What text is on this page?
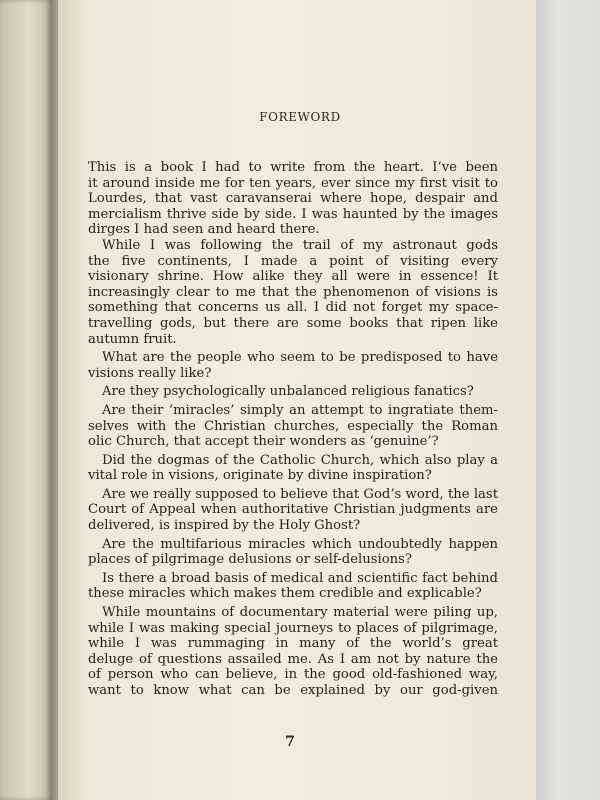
FOREWORD
This is a book I had to write from the heart. I’ve been
it around inside me for ten years, ever since my first visit to
Lourdes, that vast caravanserai where hope, despair and
mercialism thrive side by side. I was haunted by the images
dirges I had seen and heard there.
While I was following the trail of my astronaut gods
the five continents, I made a point of visiting every
visionary shrine. How alike they all were in essence! It
increasingly clear to me that the phenomenon of visions is
something that concerns us all. I did not forget my space-
travelling gods, but there are some books that ripen like
autumn fruit.
What are the people who seem to be predisposed to have
visions really like?
Are they psychologically unbalanced religious fanatics?
Are their ‘miracles’ simply an attempt to ingratiate them-
selves with the Christian churches, especially the Roman
olic Church, that accept their wonders as ‘genuine’?
Did the dogmas of the Catholic Church, which also play a
vital role in visions, originate by divine inspiration?
Are we really supposed to believe that God’s word, the last
Court of Appeal when authoritative Christian judgments are
delivered, is inspired by the Holy Ghost?
Are the multifarious miracles which undoubtedly happen
places of pilgrimage delusions or self-delusions?
Is there a broad basis of medical and scientific fact behind
these miracles which makes them credible and explicable?
While mountains of documentary material were piling up,
while I was making special journeys to places of pilgrimage,
while I was rummaging in many of the world’s great
deluge of questions assailed me. As I am not by nature the
of person who can believe, in the good old-fashioned way,
want to know what can be explained by our god-given
7
